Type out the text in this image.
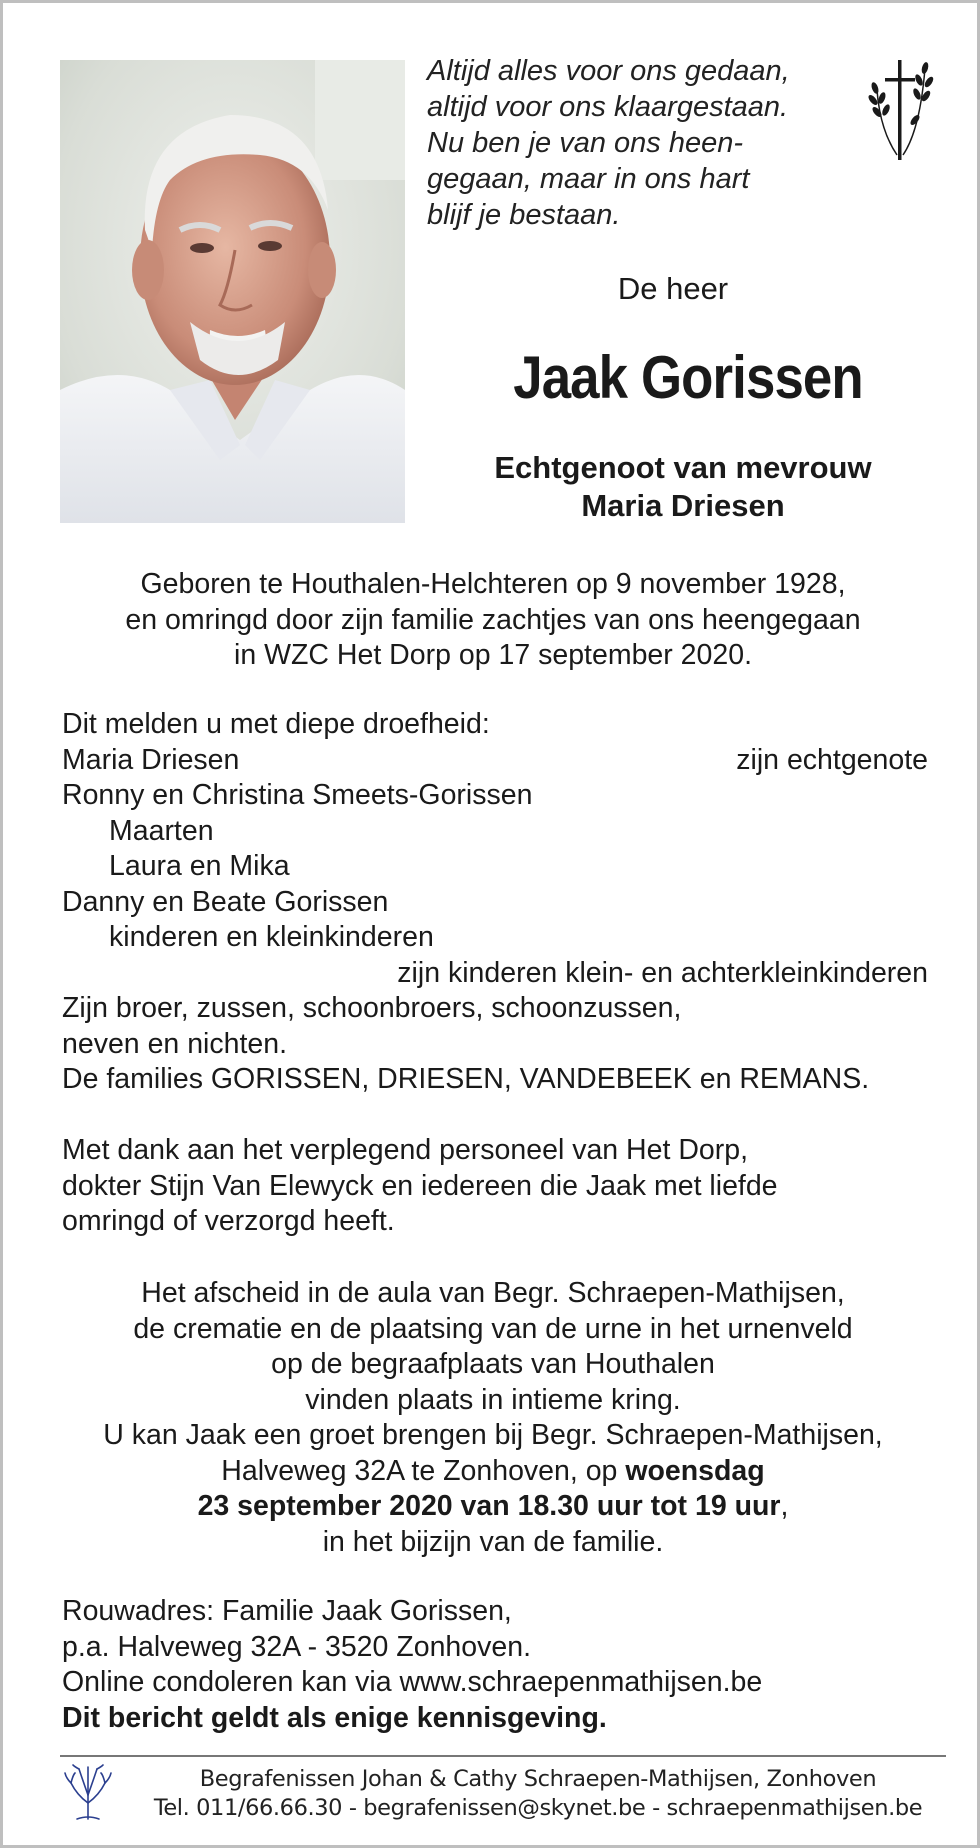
Altijd alles voor ons gedaan,
altijd voor ons klaargestaan.
Nu ben je van ons heen-
gegaan, maar in ons hart
blijf je bestaan.
De heer
Jaak Gorissen
Echtgenoot van mevrouw
Maria Driesen
Geboren te Houthalen-Helchteren op 9 november 1928,
en omringd door zijn familie zachtjes van ons heengegaan
in WZC Het Dorp op 17 september 2020.
Dit melden u met diepe droefheid:
Maria Driesen	zijn echtgenote
Ronny en Christina Smeets-Gorissen
Maarten
Laura en Mika
Danny en Beate Gorissen
kinderen en kleinkinderen
zijn kinderen klein- en achterkleinkinderen
Zijn broer, zussen, schoonbroers, schoonzussen,
neven en nichten.
De families GORISSEN, DRIESEN, VANDEBEEK en REMANS.
Met dank aan het verplegend personeel van Het Dorp,
dokter Stijn Van Elewyck en iedereen die Jaak met liefde
omringd of verzorgd heeft.
Het afscheid in de aula van Begr. Schraepen-Mathijsen,
de crematie en de plaatsing van de urne in het urnenveld
op de begraafplaats van Houthalen
vinden plaats in intieme kring.
U kan Jaak een groet brengen bij Begr. Schraepen-Mathijsen,
Halveweg 32A te Zonhoven, op woensdag
23 september 2020 van 18.30 uur tot 19 uur,
in het bijzijn van de familie.
Rouwadres: Familie Jaak Gorissen,
p.a. Halveweg 32A - 3520 Zonhoven.
Online condoleren kan via www.schraepenmathijsen.be
Dit bericht geldt als enige kennisgeving.
Begrafenissen Johan & Cathy Schraepen-Mathijsen, Zonhoven
Tel. 011/66.66.30 - begrafenissen@skynet.be - schraepenmathijsen.be
